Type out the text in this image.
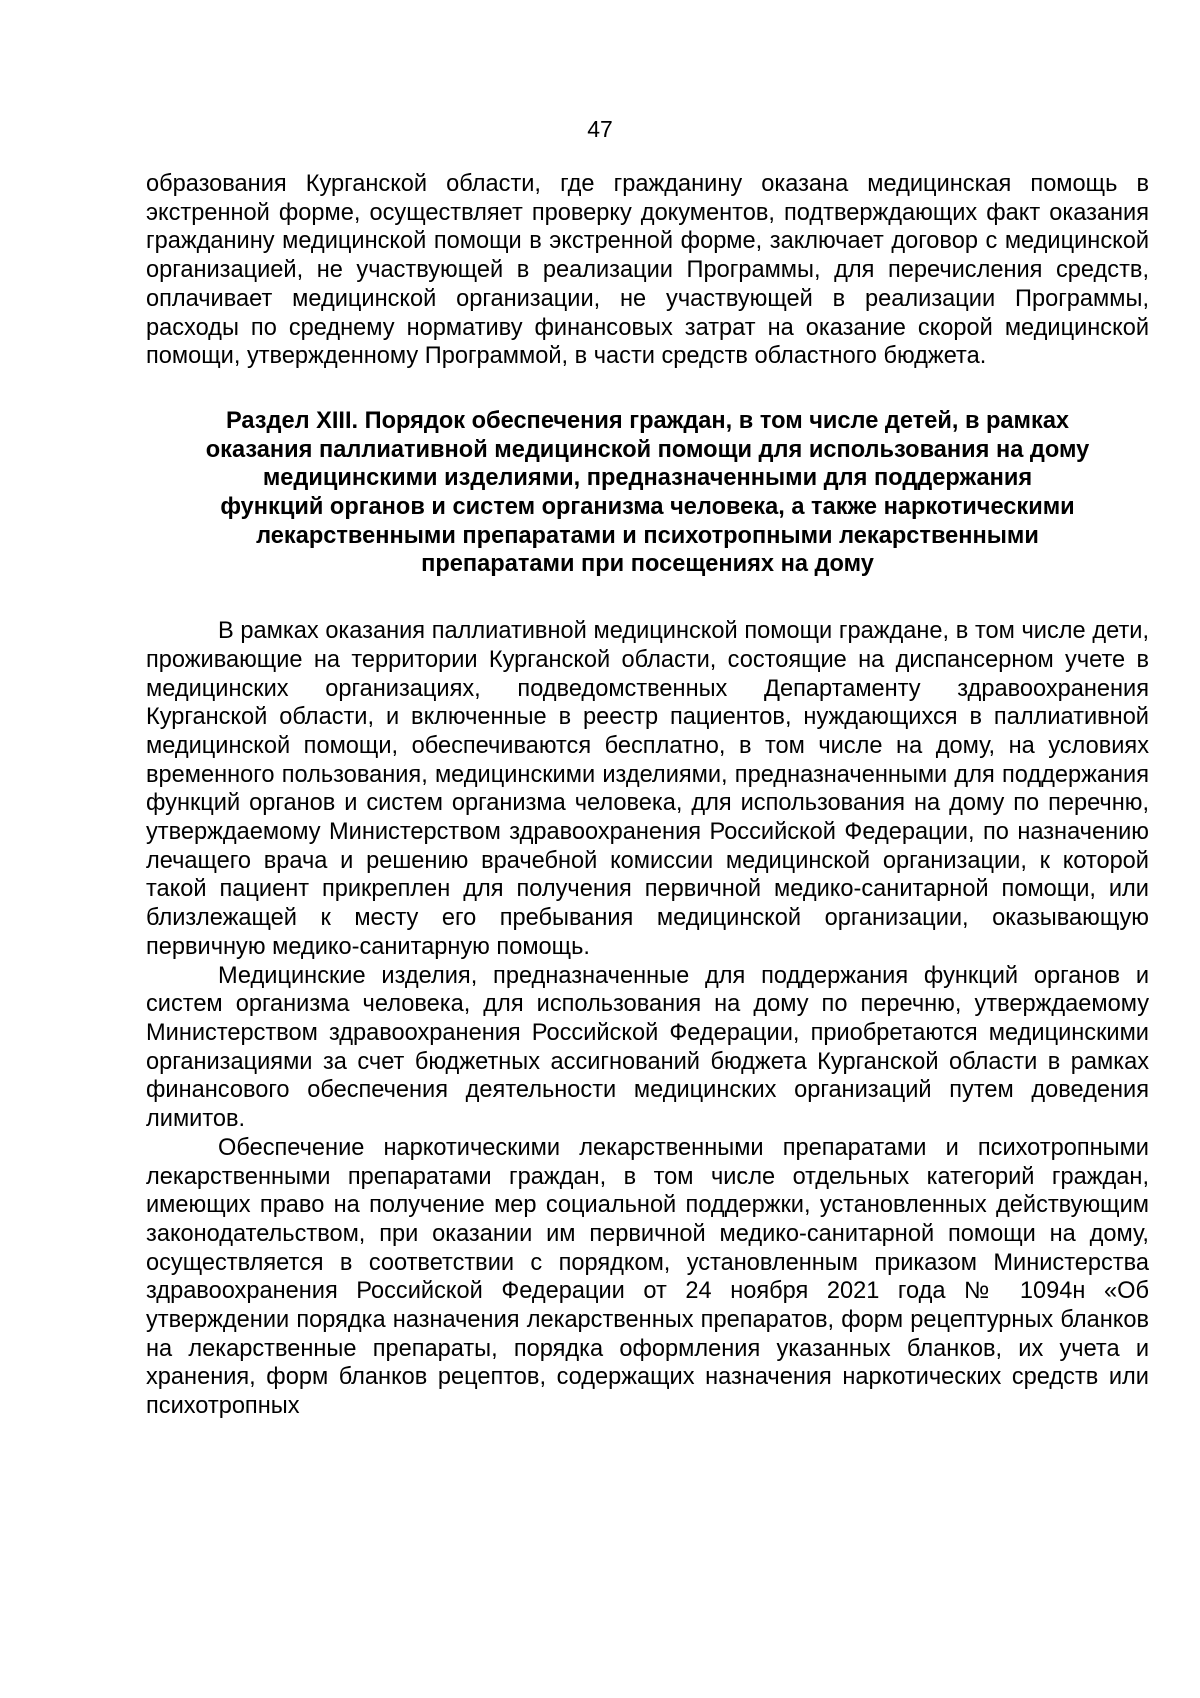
47

образования Курганской области, где гражданину оказана медицинская помощь в экстренной форме, осуществляет проверку документов, подтверждающих факт оказания гражданину медицинской помощи в экстренной форме, заключает договор с медицинской организацией, не участвующей в реализации Программы, для перечисления средств, оплачивает медицинской организации, не участвующей в реализации Программы, расходы по среднему нормативу финансовых затрат на оказание скорой медицинской помощи, утвержденному Программой, в части средств областного бюджета.

Раздел XIII. Порядок обеспечения граждан, в том числе детей, в рамках
оказания паллиативной медицинской помощи для использования на дому
медицинскими изделиями, предназначенными для поддержания
функций органов и систем организма человека, а также наркотическими
лекарственными препаратами и психотропными лекарственными
препаратами при посещениях на дому

В рамках оказания паллиативной медицинской помощи граждане, в том числе дети, проживающие на территории Курганской области, состоящие на диспансерном учете в медицинских организациях, подведомственных Департаменту здравоохранения Курганской области, и включенные в реестр пациентов, нуждающихся в паллиативной медицинской помощи, обеспечиваются бесплатно, в том числе на дому, на условиях временного пользования, медицинскими изделиями, предназначенными для поддержания функций органов и систем организма человека, для использования на дому по перечню, утверждаемому Министерством здравоохранения Российской Федерации, по назначению лечащего врача и решению врачебной комиссии медицинской организации, к которой такой пациент прикреплен для получения первичной медико-санитарной помощи, или близлежащей к месту его пребывания медицинской организации, оказывающую первичную медико-санитарную помощь.

Медицинские изделия, предназначенные для поддержания функций органов и систем организма человека, для использования на дому по перечню, утверждаемому Министерством здравоохранения Российской Федерации, приобретаются медицинскими организациями за счет бюджетных ассигнований бюджета Курганской области в рамках финансового обеспечения деятельности медицинских организаций путем доведения лимитов.

Обеспечение наркотическими лекарственными препаратами и психотропными лекарственными препаратами граждан, в том числе отдельных категорий граждан, имеющих право на получение мер социальной поддержки, установленных действующим законодательством, при оказании им первичной медико-санитарной помощи на дому, осуществляется в соответствии с порядком, установленным приказом Министерства здравоохранения Российской Федерации от 24 ноября 2021 года № 1094н «Об утверждении порядка назначения лекарственных препаратов, форм рецептурных бланков на лекарственные препараты, порядка оформления указанных бланков, их учета и хранения, форм бланков рецептов, содержащих назначения наркотических средств или психотропных
